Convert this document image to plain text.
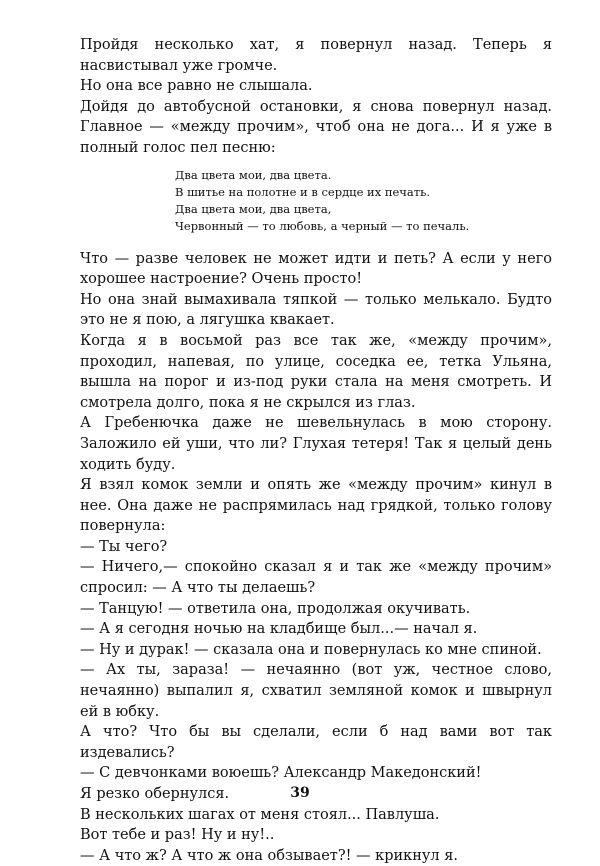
Пройдя несколько хат, я повернул назад. Теперь я насвистывал уже громче.

Но она все равно не слышала.

Дойдя до автобусной остановки, я снова повернул назад. Главное — «между прочим», чтоб она не дога... И я уже в полный голос пел песню:

Два цвета мои, два цвета.
В шитье на полотне и в сердце их печать.
Два цвета мои, два цвета,
Червонный — то любовь, а черный — то печаль.

Что — разве человек не может идти и петь? А если у него хорошее настроение? Очень просто!

Но она знай вымахивала тяпкой — только мелькало. Будто это не я пою, а лягушка квакает.

Когда я в восьмой раз все так же, «между прочим», проходил, напевая, по улице, соседка ее, тетка Ульяна, вышла на порог и из-под руки стала на меня смотреть. И смотрела долго, пока я не скрылся из глаз.

А Гребенючка даже не шевельнулась в мою сторону. Заложило ей уши, что ли? Глухая тетеря! Так я целый день ходить буду.

Я взял комок земли и опять же «между прочим» кинул в нее. Она даже не распрямилась над грядкой, только голову повернула:

— Ты чего?

— Ничего,— спокойно сказал я и так же «между прочим» спросил: — А что ты делаешь?

— Танцую! — ответила она, продолжая окучивать.

— А я сегодня ночью на кладбище был...— начал я.

— Ну и дурак! — сказала она и повернулась ко мне спиной.

— Ах ты, зараза! — нечаянно (вот уж, честное слово, нечаянно) выпалил я, схватил земляной комок и швырнул ей в юбку.

А что? Что бы вы сделали, если б над вами вот так издевались?

— С девчонками воюешь? Александр Македонский!

Я резко обернулся.

В нескольких шагах от меня стоял... Павлуша.

Вот тебе и раз! Ну и ну!..

— А что ж? А что ж она обзывает?! — крикнул я.

39
